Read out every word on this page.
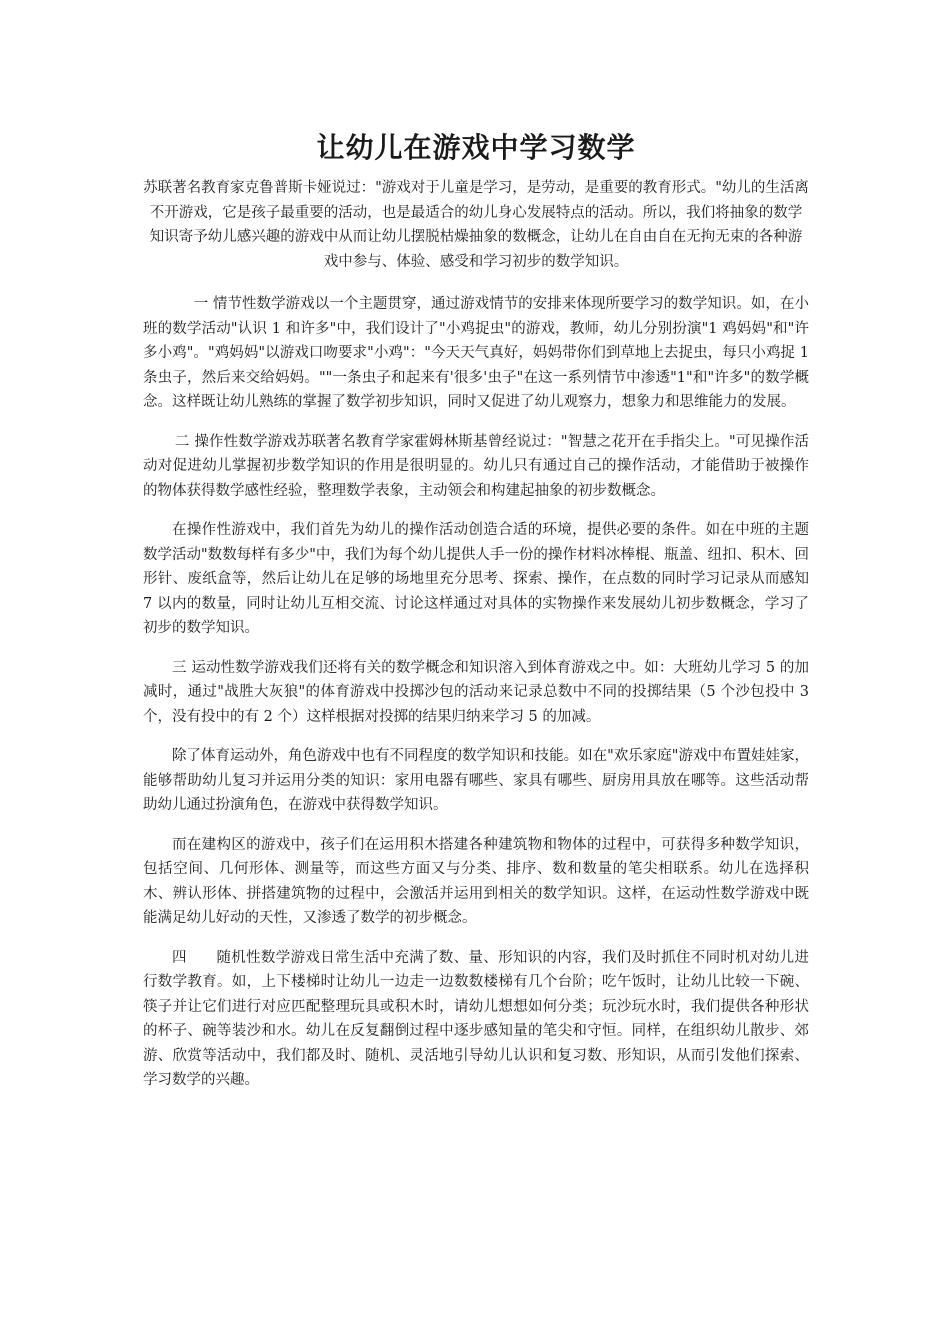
让幼儿在游戏中学习数学

苏联著名教育家克鲁普斯卡娅说过："游戏对于儿童是学习，是劳动，是重要的教育形式。"幼儿的生活离不开游戏，它是孩子最重要的活动，也是最适合的幼儿身心发展特点的活动。所以，我们将抽象的数学知识寄予幼儿感兴趣的游戏中从而让幼儿摆脱枯燥抽象的数概念，让幼儿在自由自在无拘无束的各种游戏中参与、体验、感受和学习初步的数学知识。

一 情节性数学游戏以一个主题贯穿，通过游戏情节的安排来体现所要学习的数学知识。如，在小班的数学活动"认识 1 和许多"中，我们设计了"小鸡捉虫"的游戏，教师，幼儿分别扮演"1 鸡妈妈"和"许多小鸡"。"鸡妈妈"以游戏口吻要求"小鸡"："今天天气真好，妈妈带你们到草地上去捉虫，每只小鸡捉 1 条虫子，然后来交给妈妈。""一条虫子和起来有'很多'虫子"在这一系列情节中渗透"1"和"许多"的数学概念。这样既让幼儿熟练的掌握了数学初步知识，同时又促进了幼儿观察力，想象力和思维能力的发展。

二 操作性数学游戏苏联著名教育学家霍姆林斯基曾经说过："智慧之花开在手指尖上。"可见操作活动对促进幼儿掌握初步数学知识的作用是很明显的。幼儿只有通过自己的操作活动，才能借助于被操作的物体获得数学感性经验，整理数学表象，主动领会和构建起抽象的初步数概念。

在操作性游戏中，我们首先为幼儿的操作活动创造合适的环境，提供必要的条件。如在中班的主题数学活动"数数每样有多少"中，我们为每个幼儿提供人手一份的操作材料冰棒棍、瓶盖、纽扣、积木、回形针、废纸盒等，然后让幼儿在足够的场地里充分思考、探索、操作，在点数的同时学习记录从而感知 7 以内的数量，同时让幼儿互相交流、讨论这样通过对具体的实物操作来发展幼儿初步数概念，学习了初步的数学知识。

三 运动性数学游戏我们还将有关的数学概念和知识溶入到体育游戏之中。如：大班幼儿学习 5 的加减时，通过"战胜大灰狼"的体育游戏中投掷沙包的活动来记录总数中不同的投掷结果（5 个沙包投中 3 个，没有投中的有 2 个）这样根据对投掷的结果归纳来学习 5 的加减。

除了体育运动外，角色游戏中也有不同程度的数学知识和技能。如在"欢乐家庭"游戏中布置娃娃家，能够帮助幼儿复习并运用分类的知识：家用电器有哪些、家具有哪些、厨房用具放在哪等。这些活动帮助幼儿通过扮演角色，在游戏中获得数学知识。

而在建构区的游戏中，孩子们在运用积木搭建各种建筑物和物体的过程中，可获得多种数学知识，包括空间、几何形体、测量等，而这些方面又与分类、排序、数和数量的笔尖相联系。幼儿在选择积木、辨认形体、拼搭建筑物的过程中，会激活并运用到相关的数学知识。这样，在运动性数学游戏中既能满足幼儿好动的天性，又渗透了数学的初步概念。

四　　随机性数学游戏日常生活中充满了数、量、形知识的内容，我们及时抓住不同时机对幼儿进行数学教育。如，上下楼梯时让幼儿一边走一边数数楼梯有几个台阶；吃午饭时，让幼儿比较一下碗、筷子并让它们进行对应匹配整理玩具或积木时，请幼儿想想如何分类；玩沙玩水时，我们提供各种形状的杯子、碗等装沙和水。幼儿在反复翻倒过程中逐步感知量的笔尖和守恒。同样，在组织幼儿散步、郊游、欣赏等活动中，我们都及时、随机、灵活地引导幼儿认识和复习数、形知识，从而引发他们探索、学习数学的兴趣。
